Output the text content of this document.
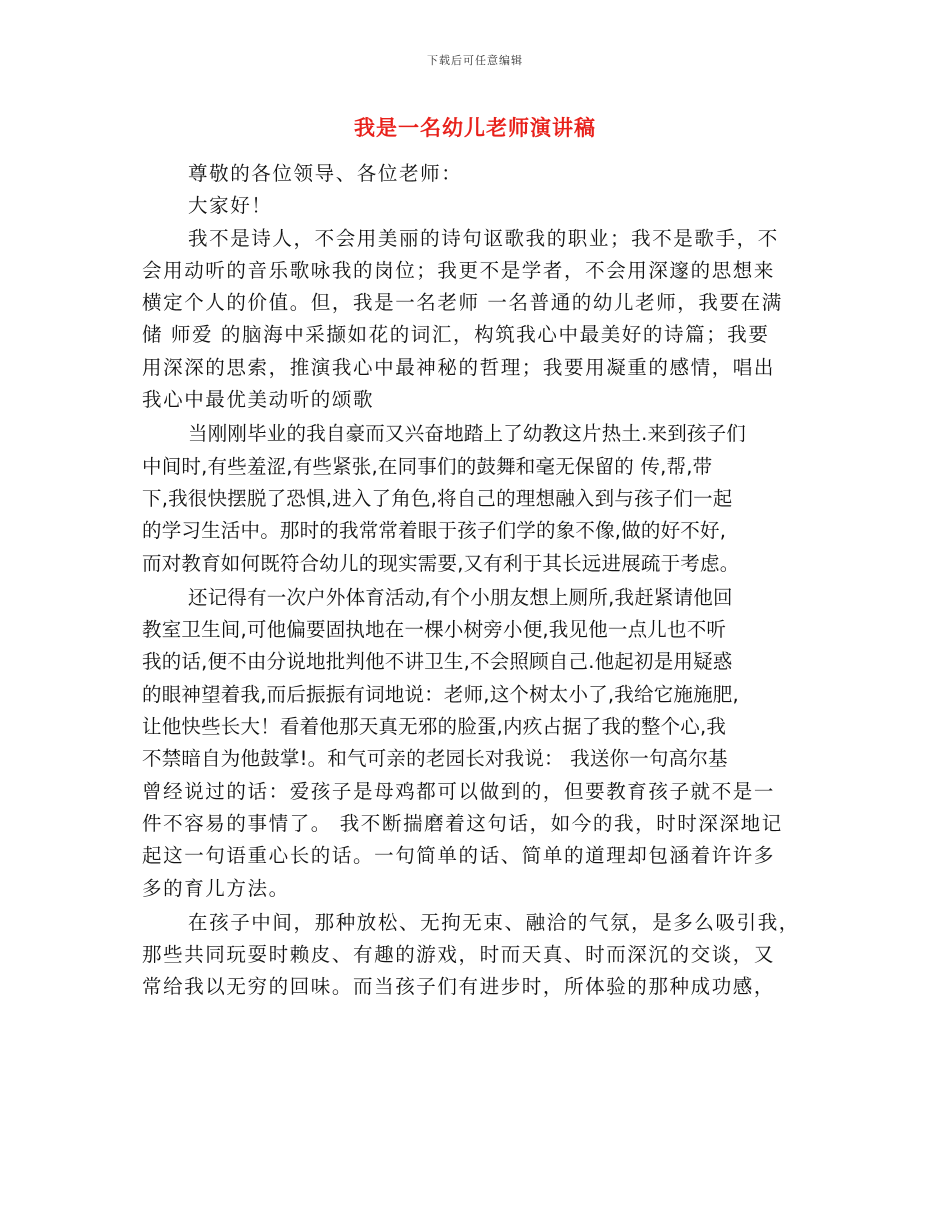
下载后可任意编辑
我是一名幼儿老师演讲稿
尊敬的各位领导、各位老师：
大家好！
我不是诗人，不会用美丽的诗句讴歌我的职业；我不是歌手，不
会用动听的音乐歌咏我的岗位；我更不是学者，不会用深邃的思想来
横定个人的价值。但，我是一名老师 一名普通的幼儿老师，我要在满
储 师爱 的脑海中采撷如花的词汇，构筑我心中最美好的诗篇；我要
用深深的思索，推演我心中最神秘的哲理；我要用凝重的感情，唱出
我心中最优美动听的颂歌
当刚刚毕业的我自豪而又兴奋地踏上了幼教这片热土.来到孩子们
中间时,有些羞涩,有些紧张,在同事们的鼓舞和毫无保留的 传,帮,带
下,我很快摆脱了恐惧,进入了角色,将自己的理想融入到与孩子们一起
的学习生活中。那时的我常常着眼于孩子们学的象不像,做的好不好,
而对教育如何既符合幼儿的现实需要,又有利于其长远进展疏于考虑。
还记得有一次户外体育活动,有个小朋友想上厕所,我赶紧请他回
教室卫生间,可他偏要固执地在一棵小树旁小便,我见他一点儿也不听
我的话,便不由分说地批判他不讲卫生,不会照顾自己.他起初是用疑惑
的眼神望着我,而后振振有词地说：老师,这个树太小了,我给它施施肥,
让他快些长大！看着他那天真无邪的脸蛋,内疚占据了我的整个心,我
不禁暗自为他鼓掌!。和气可亲的老园长对我说： 我送你一句高尔基
曾经说过的话：爱孩子是母鸡都可以做到的，但要教育孩子就不是一
件不容易的事情了。 我不断揣磨着这句话，如今的我，时时深深地记
起这一句语重心长的话。一句简单的话、简单的道理却包涵着许许多
多的育儿方法。
在孩子中间，那种放松、无拘无束、融洽的气氛，是多么吸引我，
那些共同玩耍时赖皮、有趣的游戏，时而天真、时而深沉的交谈，又
常给我以无穷的回味。而当孩子们有进步时，所体验的那种成功感，
